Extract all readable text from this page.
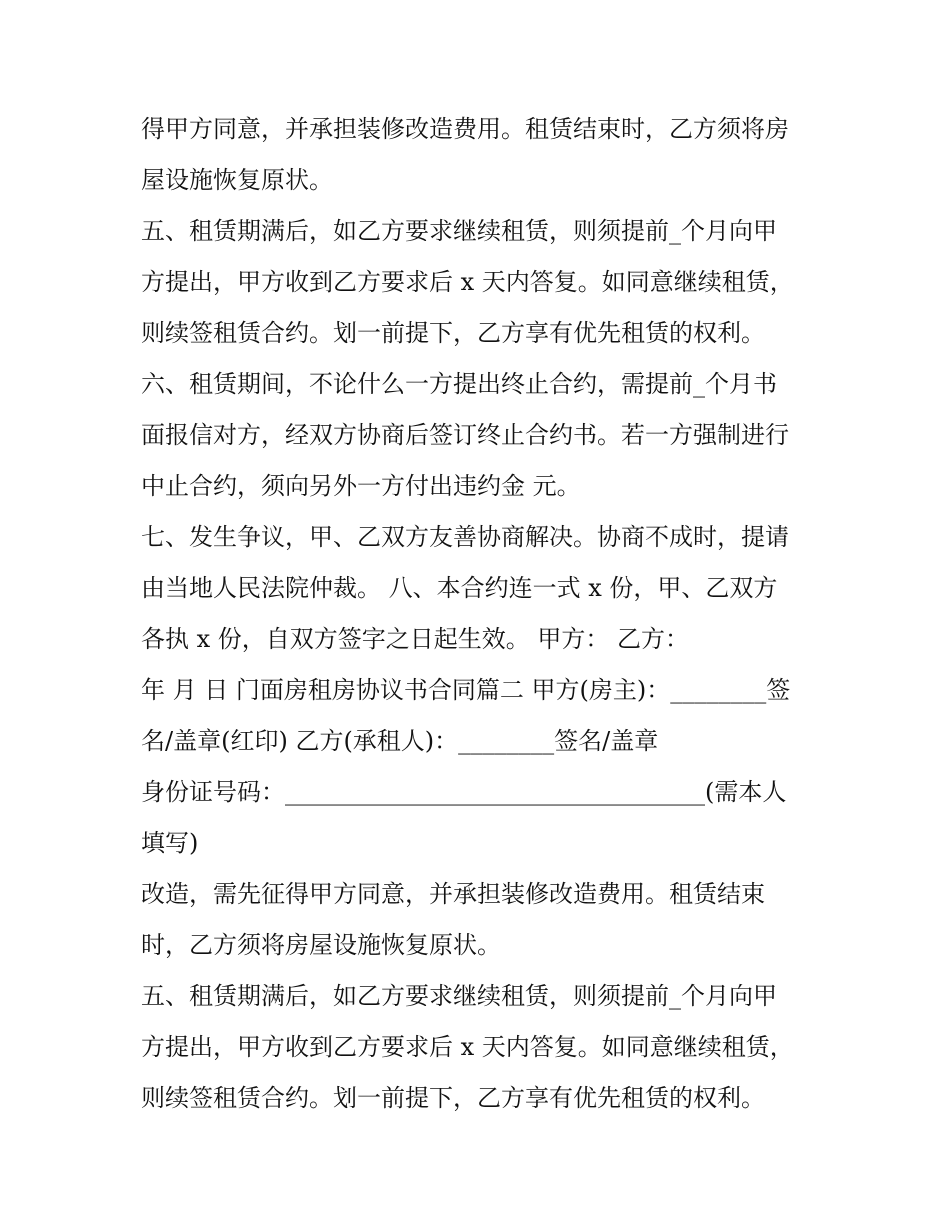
得甲方同意，并承担装修改造费用。租赁结束时，乙方须将房
屋设施恢复原状。
五、租赁期满后，如乙方要求继续租赁，则须提前_个月向甲
方提出，甲方收到乙方要求后 x 天内答复。如同意继续租赁，
则续签租赁合约。划一前提下，乙方享有优先租赁的权利。
六、租赁期间，不论什么一方提出终止合约，需提前_个月书
面报信对方，经双方协商后签订终止合约书。若一方强制进行
中止合约，须向另外一方付出违约金 元。
七、发生争议，甲、乙双方友善协商解决。协商不成时，提请
由当地人民法院仲裁。 八、本合约连一式 x 份，甲、乙双方
各执 x 份，自双方签字之日起生效。 甲方： 乙方：
年 月 日 门面房租房协议书合同篇二 甲方(房主)：________签
名/盖章(红印) 乙方(承租人)：________签名/盖章
身份证号码：___________________________________(需本人
填写)
改造，需先征得甲方同意，并承担装修改造费用。租赁结束
时，乙方须将房屋设施恢复原状。
五、租赁期满后，如乙方要求继续租赁，则须提前_个月向甲
方提出，甲方收到乙方要求后 x 天内答复。如同意继续租赁，
则续签租赁合约。划一前提下，乙方享有优先租赁的权利。
